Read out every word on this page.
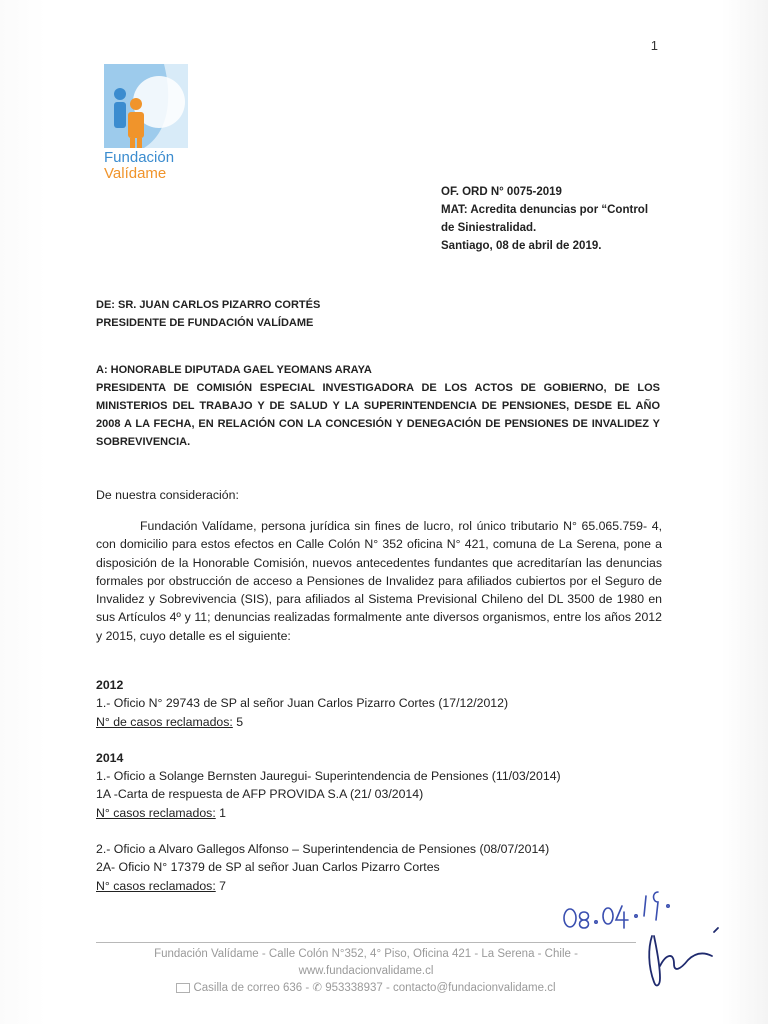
1
Fundación
Valídame
OF. ORD N° 0075-2019
MAT: Acredita denuncias por “Control
de Siniestralidad.
Santiago, 08 de abril de 2019.
DE: SR. JUAN CARLOS PIZARRO CORTÉS
PRESIDENTE DE FUNDACIÓN VALÍDAME
A: HONORABLE DIPUTADA GAEL YEOMANS ARAYA
PRESIDENTA DE COMISIÓN ESPECIAL INVESTIGADORA DE LOS ACTOS DE GOBIERNO, DE LOS MINISTERIOS DEL TRABAJO Y DE SALUD Y LA SUPERINTENDENCIA DE PENSIONES, DESDE EL AÑO 2008 A LA FECHA, EN RELACIÓN CON LA CONCESIÓN Y DENEGACIÓN DE PENSIONES DE INVALIDEZ Y SOBREVIVENCIA.
De nuestra consideración:
Fundación Valídame, persona jurídica sin fines de lucro, rol único tributario N° 65.065.759- 4, con domicilio para estos efectos en Calle Colón N° 352 oficina N° 421, comuna de La Serena, pone a disposición de la Honorable Comisión, nuevos antecedentes fundantes que acreditarían las denuncias formales por obstrucción de acceso a Pensiones de Invalidez para afiliados cubiertos por el Seguro de Invalidez y Sobrevivencia (SIS), para afiliados al Sistema Previsional Chileno del DL 3500 de 1980 en sus Artículos 4º y 11; denuncias realizadas formalmente ante diversos organismos, entre los años 2012 y 2015, cuyo detalle es el siguiente:
2012
1.- Oficio N° 29743 de SP al señor Juan Carlos Pizarro Cortes (17/12/2012)
N° de casos reclamados: 5
2014
1.- Oficio a Solange Bernsten Jauregui- Superintendencia de Pensiones (11/03/2014)
1A -Carta de respuesta de AFP PROVIDA S.A (21/ 03/2014)
N° casos reclamados: 1
2.- Oficio a Alvaro Gallegos Alfonso – Superintendencia de Pensiones (08/07/2014)
2A- Oficio N° 17379 de SP al señor Juan Carlos Pizarro Cortes
N° casos reclamados: 7
Fundación Valídame - Calle Colón N°352, 4° Piso, Oficina 421 - La Serena - Chile -
www.fundacionvalidame.cl
Casilla de correo 636 - ✆ 953338937 - contacto@fundacionvalidame.cl
